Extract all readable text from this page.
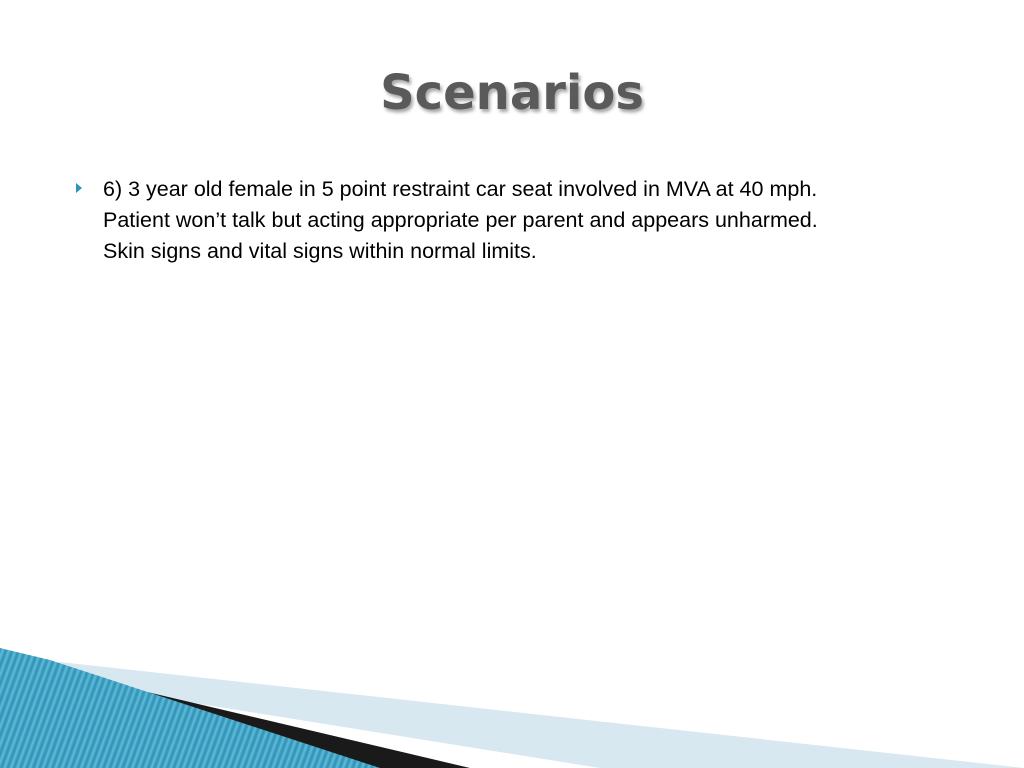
Scenarios

6) 3 year old female in 5 point restraint car seat involved in MVA at 40 mph.
Patient won’t talk but acting appropriate per parent and appears unharmed.
Skin signs and vital signs within normal limits.
